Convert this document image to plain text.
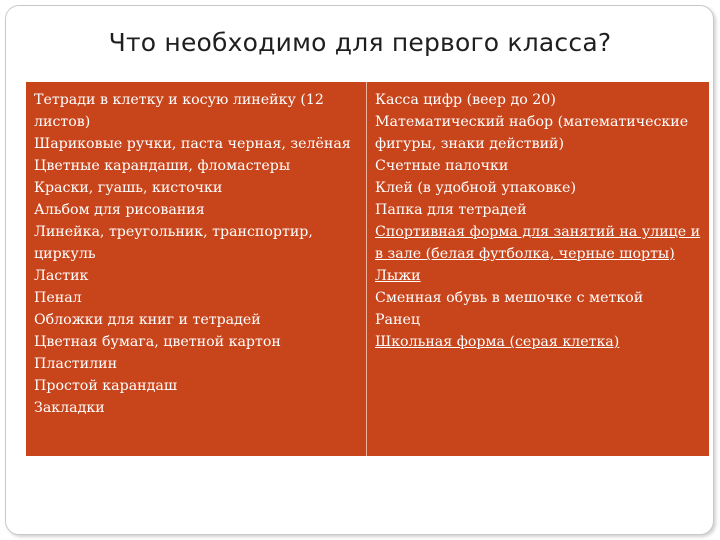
Что необходимо для первого класса?
Тетради в клетку и косую линейку (12 листов)
Шариковые ручки, паста черная, зелёная
Цветные карандаши, фломастеры
Краски, гуашь, кисточки
Альбом для рисования
Линейка, треугольник, транспортир, циркуль
Ластик
Пенал
Обложки для книг и тетрадей
Цветная бумага, цветной картон
Пластилин
Простой карандаш
Закладки
Касса цифр (веер до 20)
Математический набор (математические фигуры, знаки действий)
Счетные палочки
Клей (в удобной упаковке)
Папка для тетрадей
Спортивная форма для занятий на улице и в зале (белая футболка, черные шорты)
Лыжи
Сменная обувь в мешочке с меткой
Ранец
Школьная форма (серая клетка)
